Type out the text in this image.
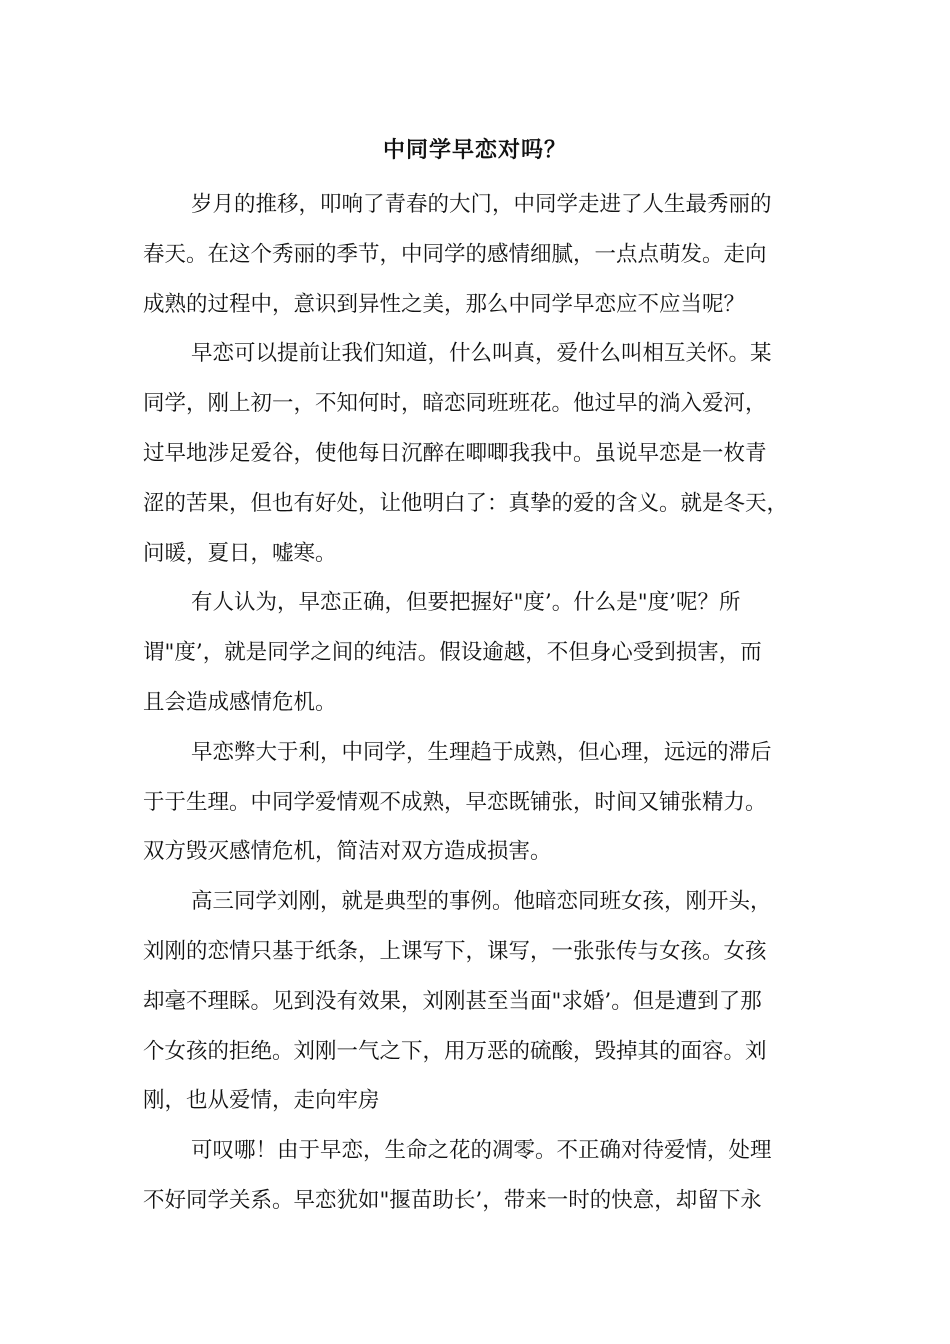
中同学早恋对吗？

岁月的推移，叩响了青春的大门，中同学走进了人生最秀丽的
春天。在这个秀丽的季节，中同学的感情细腻，一点点萌发。走向
成熟的过程中，意识到异性之美，那么中同学早恋应不应当呢？

早恋可以提前让我们知道，什么叫真，爱什么叫相互关怀。某
同学，刚上初一，不知何时，暗恋同班班花。他过早的淌入爱河，
过早地涉足爱谷，使他每日沉醉在唧唧我我中。虽说早恋是一枚青
涩的苦果，但也有好处，让他明白了：真挚的爱的含义。就是冬天，
问暖，夏日，嘘寒。

有人认为，早恋正确，但要把握好"度’。什么是"度’呢？所
谓"度’，就是同学之间的纯洁。假设逾越，不但身心受到损害，而
且会造成感情危机。

早恋弊大于利，中同学，生理趋于成熟，但心理，远远的滞后
于于生理。中同学爱情观不成熟，早恋既铺张，时间又铺张精力。
双方毁灭感情危机，简洁对双方造成损害。

高三同学刘刚，就是典型的事例。他暗恋同班女孩，刚开头，
刘刚的恋情只基于纸条，上课写下，课写，一张张传与女孩。女孩
却毫不理睬。见到没有效果，刘刚甚至当面"求婚’。但是遭到了那
个女孩的拒绝。刘刚一气之下，用万恶的硫酸，毁掉其的面容。刘
刚，也从爱情，走向牢房

可叹哪！由于早恋，生命之花的凋零。不正确对待爱情，处理
不好同学关系。早恋犹如"揠苗助长’，带来一时的快意，却留下永
